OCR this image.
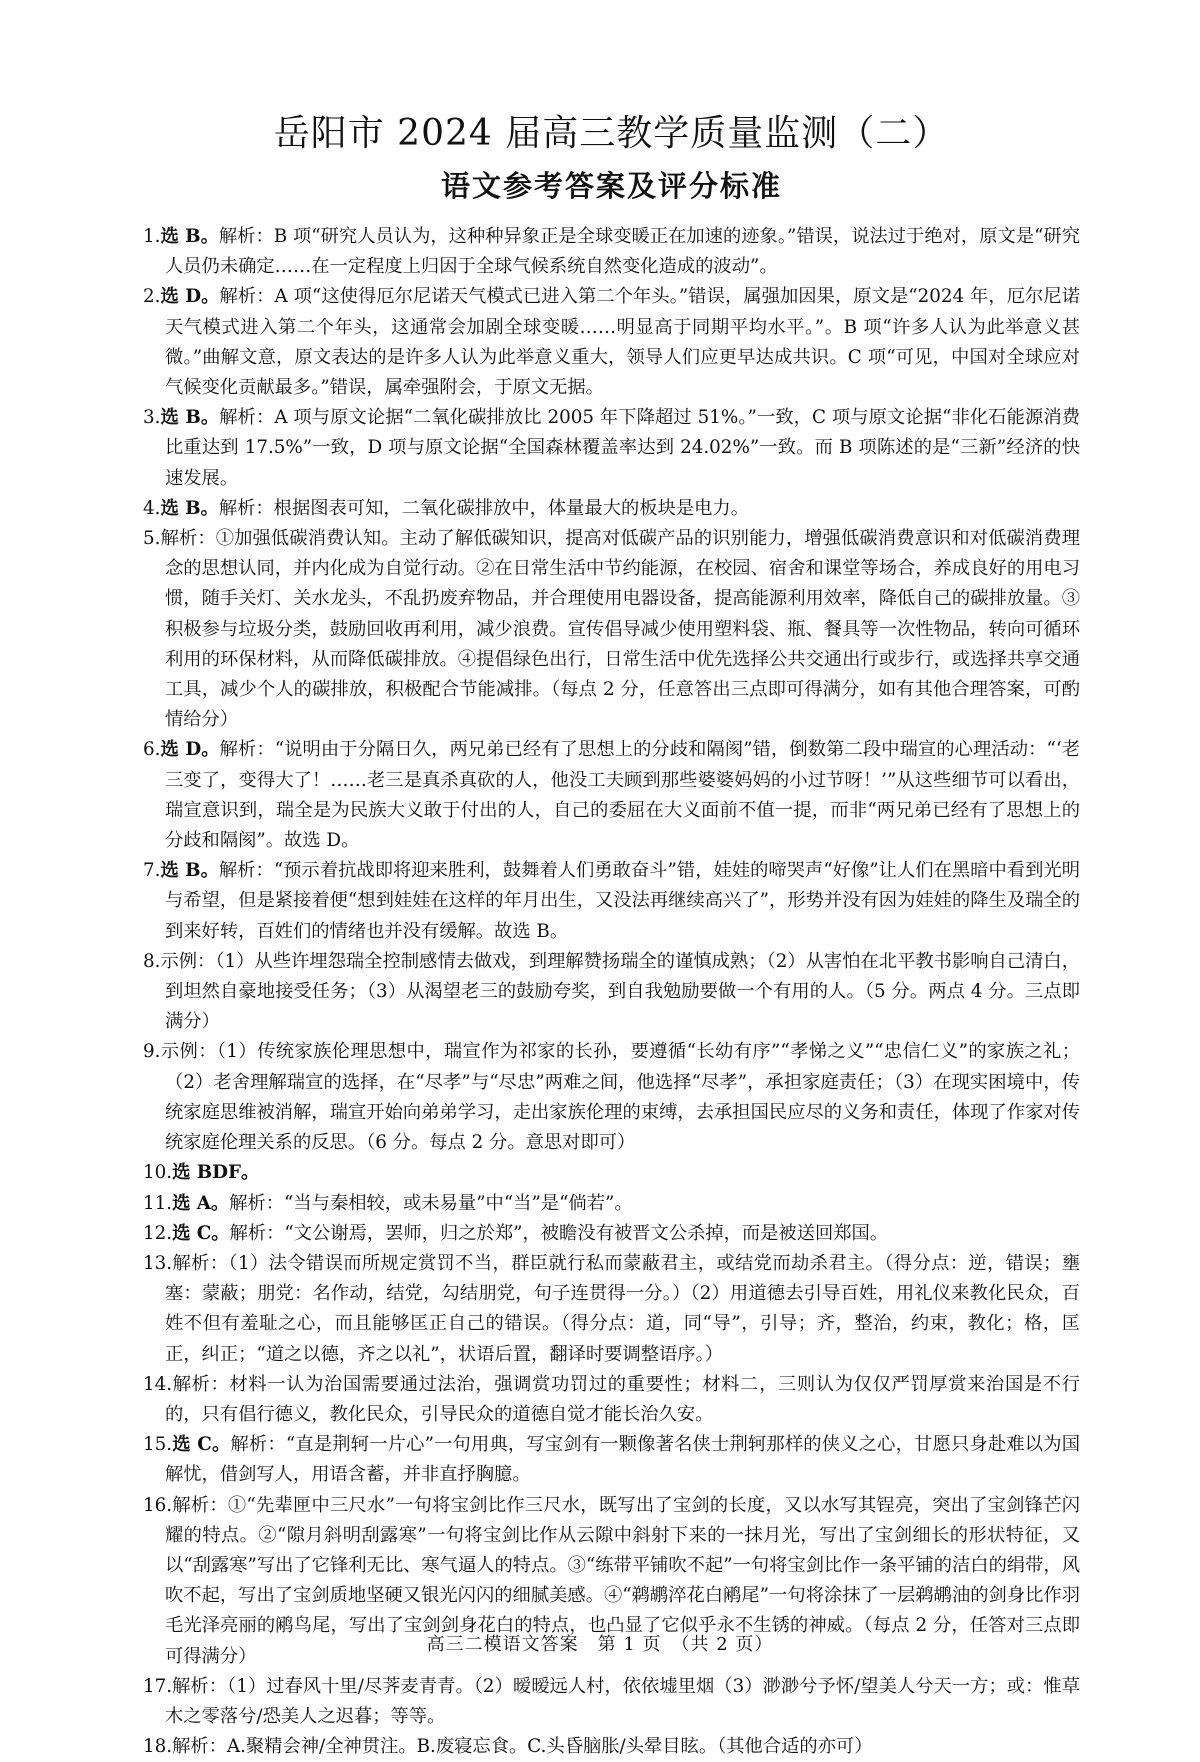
岳阳市 2024 届高三教学质量监测（二）
语文参考答案及评分标准
1.选 B。解析：B 项“研究人员认为，这种种异象正是全球变暖正在加速的迹象。”错误，说法过于绝对，原文是“研究人员仍未确定……在一定程度上归因于全球气候系统自然变化造成的波动”。
2.选 D。解析：A 项“这使得厄尔尼诺天气模式已进入第二个年头。”错误，属强加因果，原文是“2024 年，厄尔尼诺天气模式进入第二个年头，这通常会加剧全球变暖……明显高于同期平均水平。”。B 项“许多人认为此举意义甚微。”曲解文意，原文表达的是许多人认为此举意义重大，领导人们应更早达成共识。C 项“可见，中国对全球应对气候变化贡献最多。”错误，属牵强附会，于原文无据。
3.选 B。解析：A 项与原文论据“二氧化碳排放比 2005 年下降超过 51%。”一致，C 项与原文论据“非化石能源消费比重达到 17.5%”一致，D 项与原文论据“全国森林覆盖率达到 24.02%”一致。而 B 项陈述的是“三新”经济的快速发展。
4.选 B。解析：根据图表可知，二氧化碳排放中，体量最大的板块是电力。
5.解析：①加强低碳消费认知。主动了解低碳知识，提高对低碳产品的识别能力，增强低碳消费意识和对低碳消费理念的思想认同，并内化成为自觉行动。②在日常生活中节约能源，在校园、宿舍和课堂等场合，养成良好的用电习惯，随手关灯、关水龙头，不乱扔废弃物品，并合理使用电器设备，提高能源利用效率，降低自己的碳排放量。③积极参与垃圾分类，鼓励回收再利用，减少浪费。宣传倡导减少使用塑料袋、瓶、餐具等一次性物品，转向可循环利用的环保材料，从而降低碳排放。④提倡绿色出行，日常生活中优先选择公共交通出行或步行，或选择共享交通工具，减少个人的碳排放，积极配合节能减排。（每点 2 分，任意答出三点即可得满分，如有其他合理答案，可酌情给分）
6.选 D。解析：“说明由于分隔日久，两兄弟已经有了思想上的分歧和隔阂”错，倒数第二段中瑞宣的心理活动：“‘老三变了，变得大了！……老三是真杀真砍的人，他没工夫顾到那些婆婆妈妈的小过节呀！’”从这些细节可以看出，瑞宣意识到，瑞全是为民族大义敢于付出的人，自己的委屈在大义面前不值一提，而非“两兄弟已经有了思想上的分歧和隔阂”。故选 D。
7.选 B。解析：“预示着抗战即将迎来胜利，鼓舞着人们勇敢奋斗”错，娃娃的啼哭声“好像”让人们在黑暗中看到光明与希望，但是紧接着便“想到娃娃在这样的年月出生，又没法再继续高兴了”，形势并没有因为娃娃的降生及瑞全的到来好转，百姓们的情绪也并没有缓解。故选 B。
8.示例：（1）从些许埋怨瑞全控制感情去做戏，到理解赞扬瑞全的谨慎成熟；（2）从害怕在北平教书影响自己清白，到坦然自豪地接受任务；（3）从渴望老三的鼓励夸奖，到自我勉励要做一个有用的人。（5 分。两点 4 分。三点即满分）
9.示例：（1）传统家族伦理思想中，瑞宣作为祁家的长孙，要遵循“长幼有序”“孝悌之义”“忠信仁义”的家族之礼；（2）老舍理解瑞宣的选择，在“尽孝”与“尽忠”两难之间，他选择“尽孝”，承担家庭责任；（3）在现实困境中，传统家庭思维被消解，瑞宣开始向弟弟学习，走出家族伦理的束缚，去承担国民应尽的义务和责任，体现了作家对传统家庭伦理关系的反思。（6 分。每点 2 分。意思对即可）
10.选 BDF。
11.选 A。解析：“当与秦相较，或未易量”中“当”是“倘若”。
12.选 C。解析：“文公谢焉，罢师，归之於郑”，被瞻没有被晋文公杀掉，而是被送回郑国。
13.解析：（1）法令错误而所规定赏罚不当，群臣就行私而蒙蔽君主，或结党而劫杀君主。（得分点：逆，错误；壅塞：蒙蔽；朋党：名作动，结党，勾结朋党，句子连贯得一分。）（2）用道德去引导百姓，用礼仪来教化民众，百姓不但有羞耻之心，而且能够匡正自己的错误。（得分点：道，同“导”，引导；齐，整治，约束，教化；格，匡正，纠正；“道之以德，齐之以礼”，状语后置，翻译时要调整语序。）
14.解析：材料一认为治国需要通过法治，强调赏功罚过的重要性；材料二，三则认为仅仅严罚厚赏来治国是不行的，只有倡行德义，教化民众，引导民众的道德自觉才能长治久安。
15.选 C。解析：“直是荆轲一片心”一句用典，写宝剑有一颗像著名侠士荆轲那样的侠义之心，甘愿只身赴难以为国解忧，借剑写人，用语含蓄，并非直抒胸臆。
16.解析：①“先辈匣中三尺水”一句将宝剑比作三尺水，既写出了宝剑的长度，又以水写其锃亮，突出了宝剑锋芒闪耀的特点。②“隙月斜明刮露寒”一句将宝剑比作从云隙中斜射下来的一抹月光，写出了宝剑细长的形状特征，又以“刮露寒”写出了它锋利无比、寒气逼人的特点。③“练带平铺吹不起”一句将宝剑比作一条平铺的洁白的绢带，风吹不起，写出了宝剑质地坚硬又银光闪闪的细腻美感。④“鹈鹕淬花白鹇尾”一句将涂抹了一层鹈鹕油的剑身比作羽毛光泽亮丽的鹇鸟尾，写出了宝剑剑身花白的特点，也凸显了它似乎永不生锈的神威。（每点 2 分，任答对三点即可得满分）
17.解析：（1）过春风十里/尽荠麦青青。（2）暧暧远人村，依依墟里烟（3）渺渺兮予怀/望美人兮天一方；或：惟草木之零落兮/恐美人之迟暮；等等。
18.解析：A.聚精会神/全神贯注。B.废寝忘食。C.头昏脑胀/头晕目眩。（其他合适的亦可）
高三二模语文答案　第 1 页　（共 2 页）
